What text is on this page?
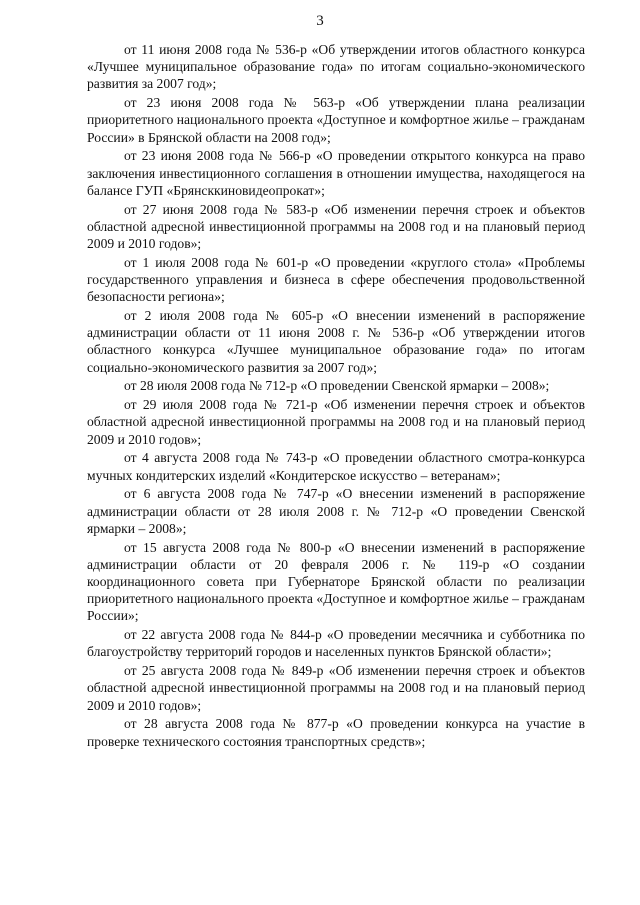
3

от 11 июня 2008 года № 536-р «Об утверждении итогов областного конкурса «Лучшее муниципальное образование года» по итогам социально-экономического развития за 2007 год»;

от 23 июня 2008 года № 563-р «Об утверждении плана реализации приоритетного национального проекта «Доступное и комфортное жилье – гражданам России» в Брянской области на 2008 год»;

от 23 июня 2008 года № 566-р «О проведении открытого конкурса на право заключения инвестиционного соглашения в отношении имущества, находящегося на балансе ГУП «Брянсккиновидеопрокат»;

от 27 июня 2008 года № 583-р «Об изменении перечня строек и объектов областной адресной инвестиционной программы на 2008 год и на плановый период 2009 и 2010 годов»;

от 1 июля 2008 года № 601-р «О проведении «круглого стола» «Проблемы государственного управления и бизнеса в сфере обеспечения продовольственной безопасности региона»;

от 2 июля 2008 года № 605-р «О внесении изменений в распоряжение администрации области от 11 июня 2008 г. № 536-р «Об утверждении итогов областного конкурса «Лучшее муниципальное образование года» по итогам социально-экономического развития за 2007 год»;

от 28 июля 2008 года № 712-р «О проведении Свенской ярмарки – 2008»;

от 29 июля 2008 года № 721-р «Об изменении перечня строек и объектов областной адресной инвестиционной программы на 2008 год и на плановый период 2009 и 2010 годов»;

от 4 августа 2008 года № 743-р «О проведении областного смотра-конкурса мучных кондитерских изделий «Кондитерское искусство – ветеранам»;

от 6 августа 2008 года № 747-р «О внесении изменений в распоряжение администрации области от 28 июля 2008 г. № 712-р «О проведении Свенской ярмарки – 2008»;

от 15 августа 2008 года № 800-р «О внесении изменений в распоряжение администрации области от 20 февраля 2006 г. № 119-р «О создании координационного совета при Губернаторе Брянской области по реализации приоритетного национального проекта «Доступное и комфортное жилье – гражданам России»;

от 22 августа 2008 года № 844-р «О проведении месячника и субботника по благоустройству территорий городов и населенных пунктов Брянской области»;

от 25 августа 2008 года № 849-р «Об изменении перечня строек и объектов областной адресной инвестиционной программы на 2008 год и на плановый период 2009 и 2010 годов»;

от 28 августа 2008 года № 877-р «О проведении конкурса на участие в проверке технического состояния транспортных средств»;
